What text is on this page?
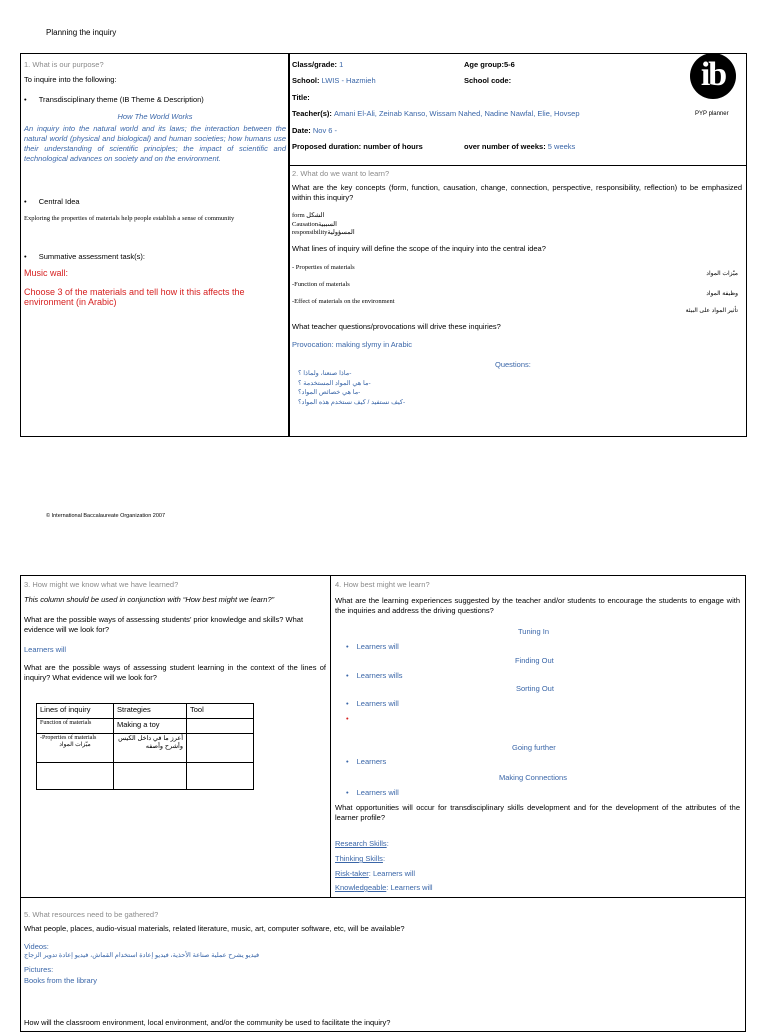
Planning the inquiry
1. What is our purpose?
To inquire into the following:
• Transdisciplinary theme (IB Theme & Description)
How The World Works
An inquiry into the natural world and its laws; the interaction between the natural world (physical and biological) and human societies; how humans use their understanding of scientific principles; the impact of scientific and technological advances on society and on the environment.
• Central Idea
Exploring the properties of materials help people establish a sense of community
• Summative assessment task(s):
Music wall:
Choose 3 of the materials and tell how it this affects the environment (in Arabic)
Class/grade: 1	Age group:5-6
School: LWIS - Hazmieh	School code:
Title:
Teacher(s): Amani El-Ali, Zeinab Kanso, Wissam Nahed, Nadine Nawfal, Elie, Hovsep
Date: Nov 6 -
Proposed duration: number of hours	over number of weeks: 5 weeks
ib
PYP planner
2. What do we want to learn?
What are the key concepts (form, function, causation, change, connection, perspective, responsibility, reflection) to be emphasized within this inquiry?
form الشكل
Causationالسببية
responsibilityالمسؤولية
What lines of inquiry will define the scope of the inquiry into the central idea?
- Properties of materials
-Function of materials
-Effect of materials on the environment
ميّزات المواد
وظيفة المواد
تأثير المواد على البيئة
What teacher questions/provocations will drive these inquiries?
Provocation: making slymy in Arabic
Questions:
-ماذا صنعنا، ولماذا ؟
-ما هي المواد المستخدمة ؟
-ما هي خصائص المواد؟
-كيف نستفيد / كيف نستخدم هذه المواد؟
© International Baccalaureate Organization 2007
3. How might we know what we have learned?
This column should be used in conjunction with “How best might we learn?”
What are the possible ways of assessing students’ prior knowledge and skills? What evidence will we look for?
Learners will
What are the possible ways of assessing student learning in the context of the lines of inquiry? What evidence will we look for?
Lines of inquiry	Strategies	Tool
Function of materials	Making a toy	

-Properties of materials
ميّزات المواد	أعرز ما في داخل الكيس وأشرح وأصفه	

4. How best might we learn?
What are the learning experiences suggested by the teacher and/or students to encourage the students to engage with the inquiries and address the driving questions?
Tuning In
• Learners will
Finding Out
• Learners wills
Sorting Out
• Learners will
•
Going further
• Learners
Making Connections
• Learners will
What opportunities will occur for transdisciplinary skills development and for the development of the attributes of the learner profile?
Research Skills:
Thinking Skills:
Risk-taker: Learners will
Knowledgeable: Learners will
5. What resources need to be gathered?
What people, places, audio-visual materials, related literature, music, art, computer software, etc, will be available?
Videos:
فيديو يشرح عملية صناعة الأحذية، فيديو إعادة استخدام القماش، فيديو إعادة تدوير الزجاج
Pictures:
Books from the library
How will the classroom environment, local environment, and/or the community be used to facilitate the inquiry?
